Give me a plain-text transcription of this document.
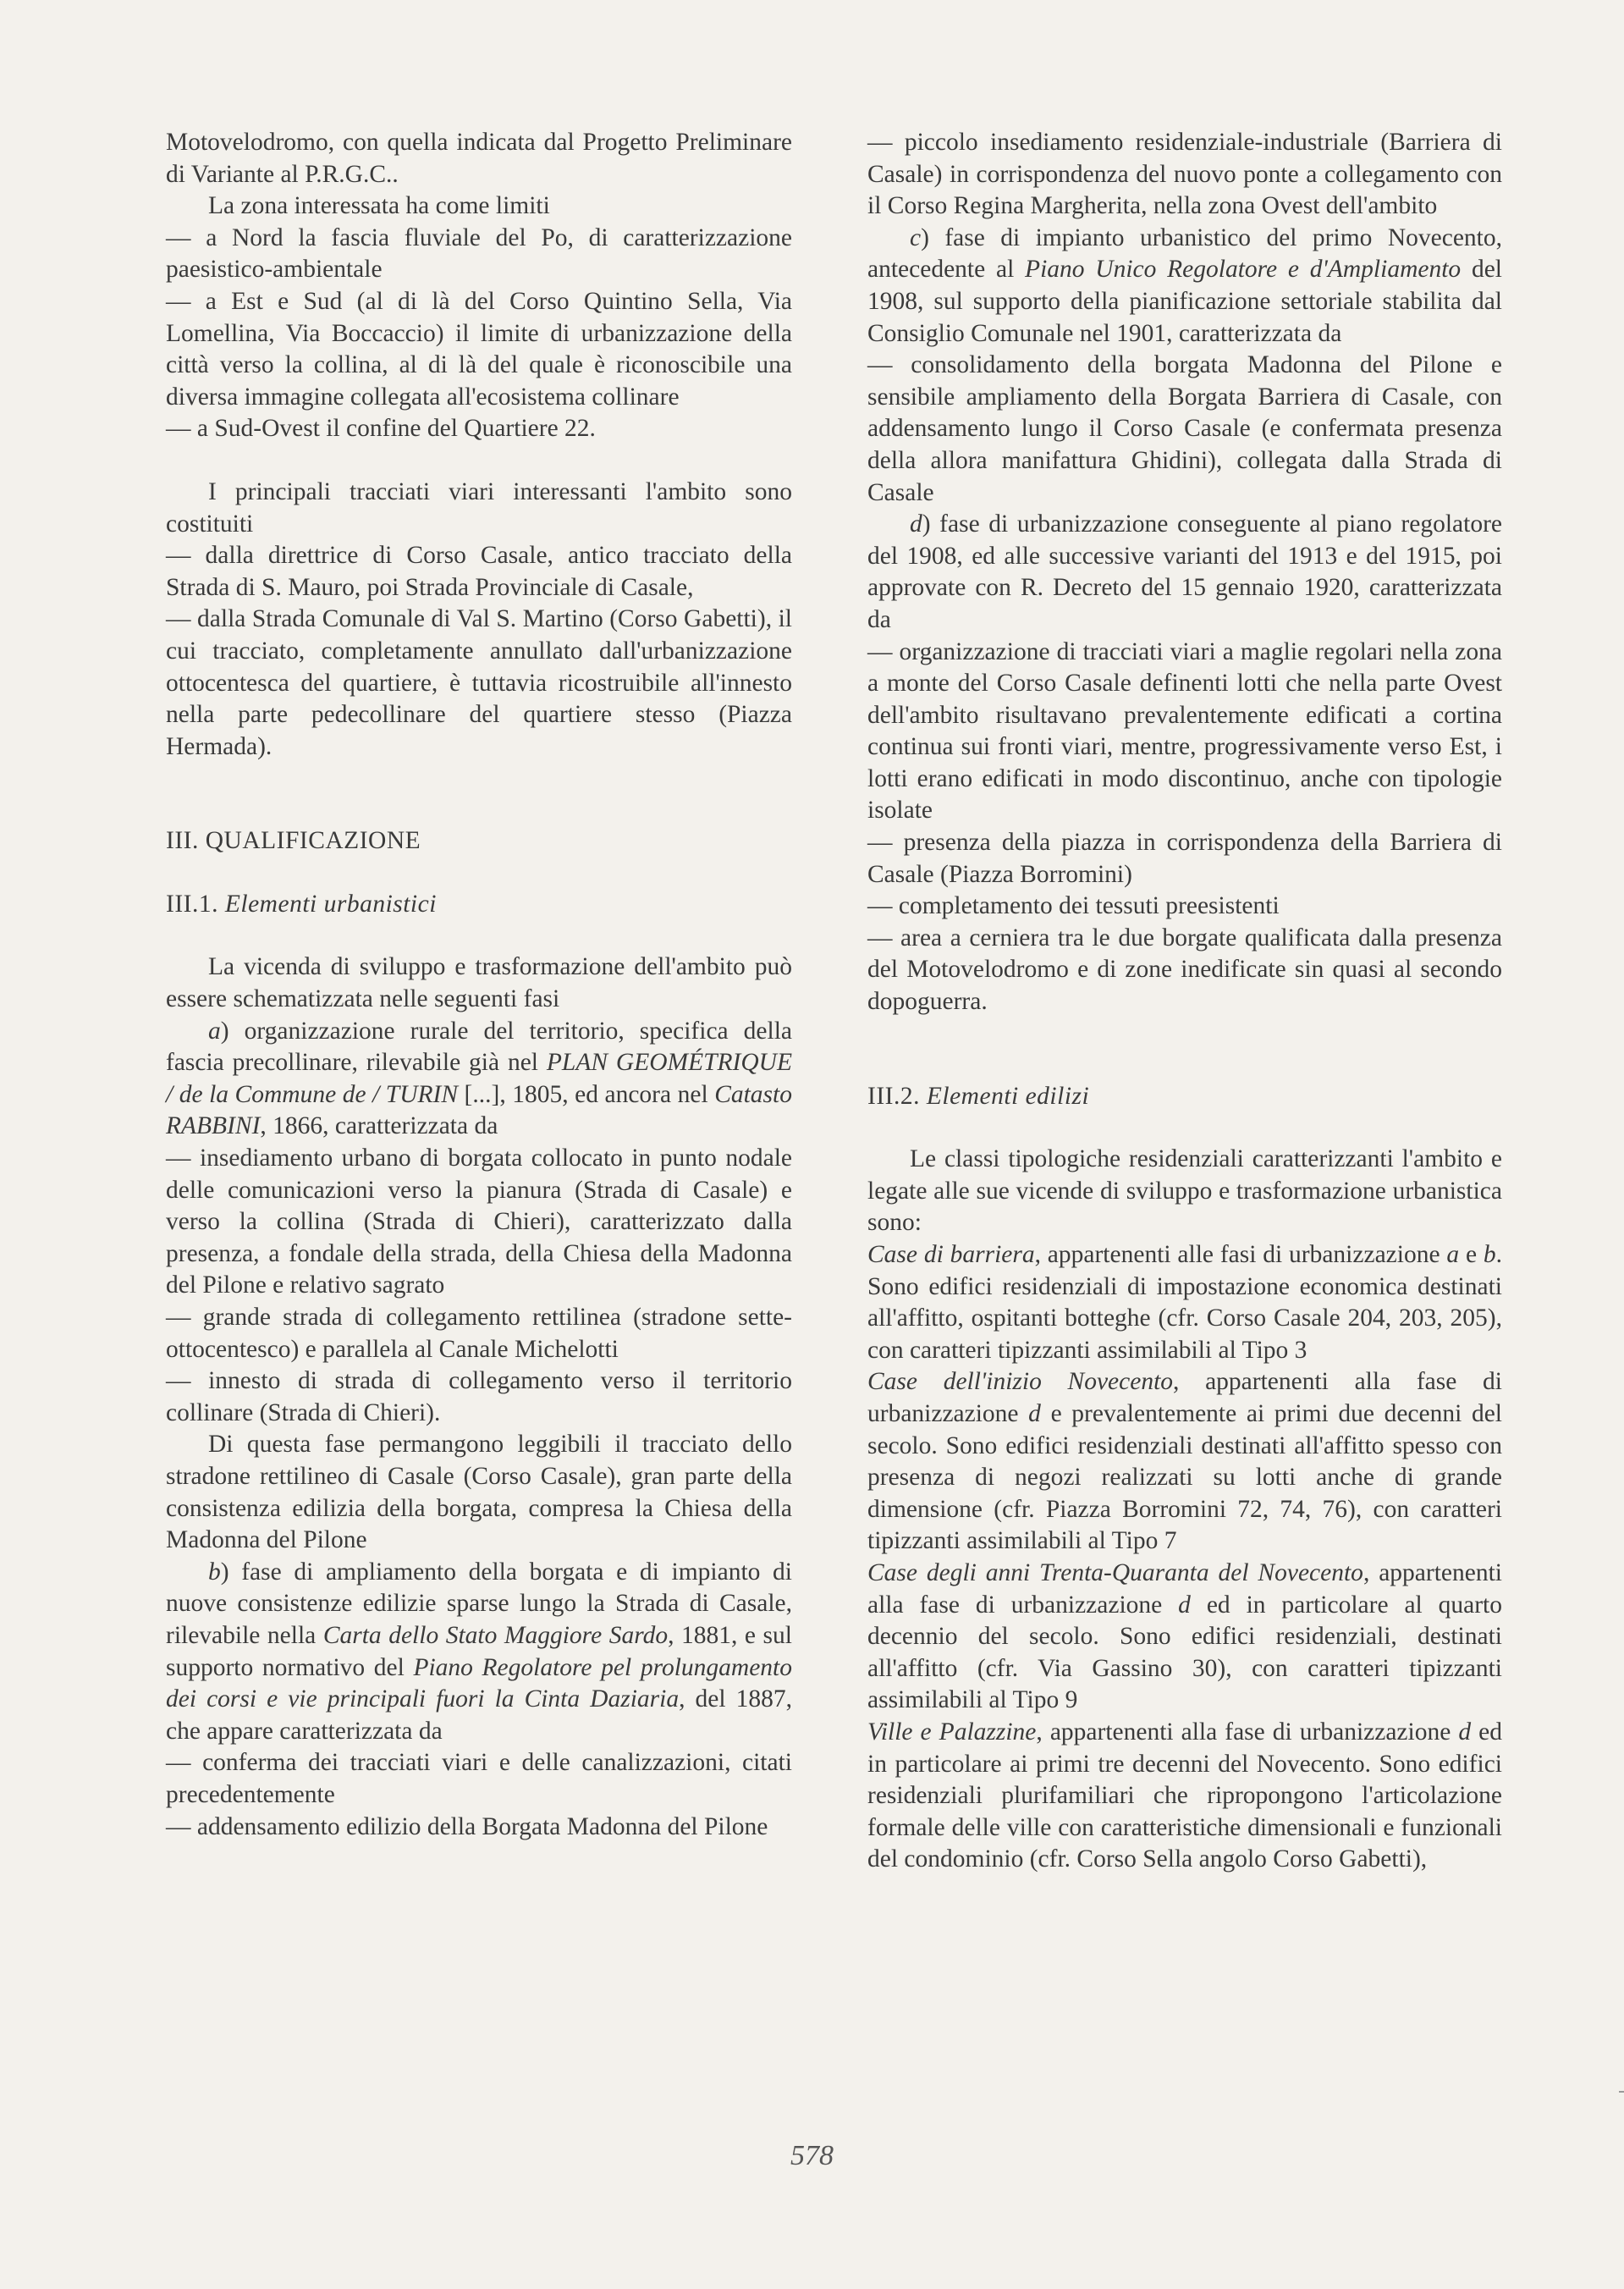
Motovelodromo, con quella indicata dal Progetto Preliminare di Variante al P.R.G.C..

La zona interessata ha come limiti

— a Nord la fascia fluviale del Po, di caratterizzazione paesistico-ambientale

— a Est e Sud (al di là del Corso Quintino Sella, Via Lomellina, Via Boccaccio) il limite di urbanizzazione della città verso la collina, al di là del quale è riconoscibile una diversa immagine collegata all'ecosistema collinare

— a Sud-Ovest il confine del Quartiere 22.

I principali tracciati viari interessanti l'ambito sono costituiti

— dalla direttrice di Corso Casale, antico tracciato della Strada di S. Mauro, poi Strada Provinciale di Casale,

— dalla Strada Comunale di Val S. Martino (Corso Gabetti), il cui tracciato, completamente annullato dall'urbanizzazione ottocentesca del quartiere, è tuttavia ricostruibile all'innesto nella parte pedecollinare del quartiere stesso (Piazza Hermada).

III. QUALIFICAZIONE

III.1. Elementi urbanistici

La vicenda di sviluppo e trasformazione dell'ambito può essere schematizzata nelle seguenti fasi

a) organizzazione rurale del territorio, specifica della fascia precollinare, rilevabile già nel PLAN GEOMÉTRIQUE / de la Commune de / TURIN [...], 1805, ed ancora nel Catasto RABBINI, 1866, caratterizzata da

— insediamento urbano di borgata collocato in punto nodale delle comunicazioni verso la pianura (Strada di Casale) e verso la collina (Strada di Chieri), caratterizzato dalla presenza, a fondale della strada, della Chiesa della Madonna del Pilone e relativo sagrato

— grande strada di collegamento rettilinea (stradone sette-ottocentesco) e parallela al Canale Michelotti

— innesto di strada di collegamento verso il territorio collinare (Strada di Chieri).

Di questa fase permangono leggibili il tracciato dello stradone rettilineo di Casale (Corso Casale), gran parte della consistenza edilizia della borgata, compresa la Chiesa della Madonna del Pilone

b) fase di ampliamento della borgata e di impianto di nuove consistenze edilizie sparse lungo la Strada di Casale, rilevabile nella Carta dello Stato Maggiore Sardo, 1881, e sul supporto normativo del Piano Regolatore pel prolungamento dei corsi e vie principali fuori la Cinta Daziaria, del 1887, che appare caratterizzata da

— conferma dei tracciati viari e delle canalizzazioni, citati precedentemente

— addensamento edilizio della Borgata Madonna del Pilone

— piccolo insediamento residenziale-industriale (Barriera di Casale) in corrispondenza del nuovo ponte a collegamento con il Corso Regina Margherita, nella zona Ovest dell'ambito

c) fase di impianto urbanistico del primo Novecento, antecedente al Piano Unico Regolatore e d'Ampliamento del 1908, sul supporto della pianificazione settoriale stabilita dal Consiglio Comunale nel 1901, caratterizzata da

— consolidamento della borgata Madonna del Pilone e sensibile ampliamento della Borgata Barriera di Casale, con addensamento lungo il Corso Casale (e confermata presenza della allora manifattura Ghidini), collegata dalla Strada di Casale

d) fase di urbanizzazione conseguente al piano regolatore del 1908, ed alle successive varianti del 1913 e del 1915, poi approvate con R. Decreto del 15 gennaio 1920, caratterizzata da

— organizzazione di tracciati viari a maglie regolari nella zona a monte del Corso Casale definenti lotti che nella parte Ovest dell'ambito risultavano prevalentemente edificati a cortina continua sui fronti viari, mentre, progressivamente verso Est, i lotti erano edificati in modo discontinuo, anche con tipologie isolate

— presenza della piazza in corrispondenza della Barriera di Casale (Piazza Borromini)

— completamento dei tessuti preesistenti

— area a cerniera tra le due borgate qualificata dalla presenza del Motovelodromo e di zone inedificate sin quasi al secondo dopoguerra.

III.2. Elementi edilizi

Le classi tipologiche residenziali caratterizzanti l'ambito e legate alle sue vicende di sviluppo e trasformazione urbanistica sono:

Case di barriera, appartenenti alle fasi di urbanizzazione a e b. Sono edifici residenziali di impostazione economica destinati all'affitto, ospitanti botteghe (cfr. Corso Casale 204, 203, 205), con caratteri tipizzanti assimilabili al Tipo 3

Case dell'inizio Novecento, appartenenti alla fase di urbanizzazione d e prevalentemente ai primi due decenni del secolo. Sono edifici residenziali destinati all'affitto spesso con presenza di negozi realizzati su lotti anche di grande dimensione (cfr. Piazza Borromini 72, 74, 76), con caratteri tipizzanti assimilabili al Tipo 7

Case degli anni Trenta-Quaranta del Novecento, appartenenti alla fase di urbanizzazione d ed in particolare al quarto decennio del secolo. Sono edifici residenziali, destinati all'affitto (cfr. Via Gassino 30), con caratteri tipizzanti assimilabili al Tipo 9

Ville e Palazzine, appartenenti alla fase di urbanizzazione d ed in particolare ai primi tre decenni del Novecento. Sono edifici residenziali plurifamiliari che ripropongono l'articolazione formale delle ville con caratteristiche dimensionali e funzionali del condominio (cfr. Corso Sella angolo Corso Gabetti),

578
